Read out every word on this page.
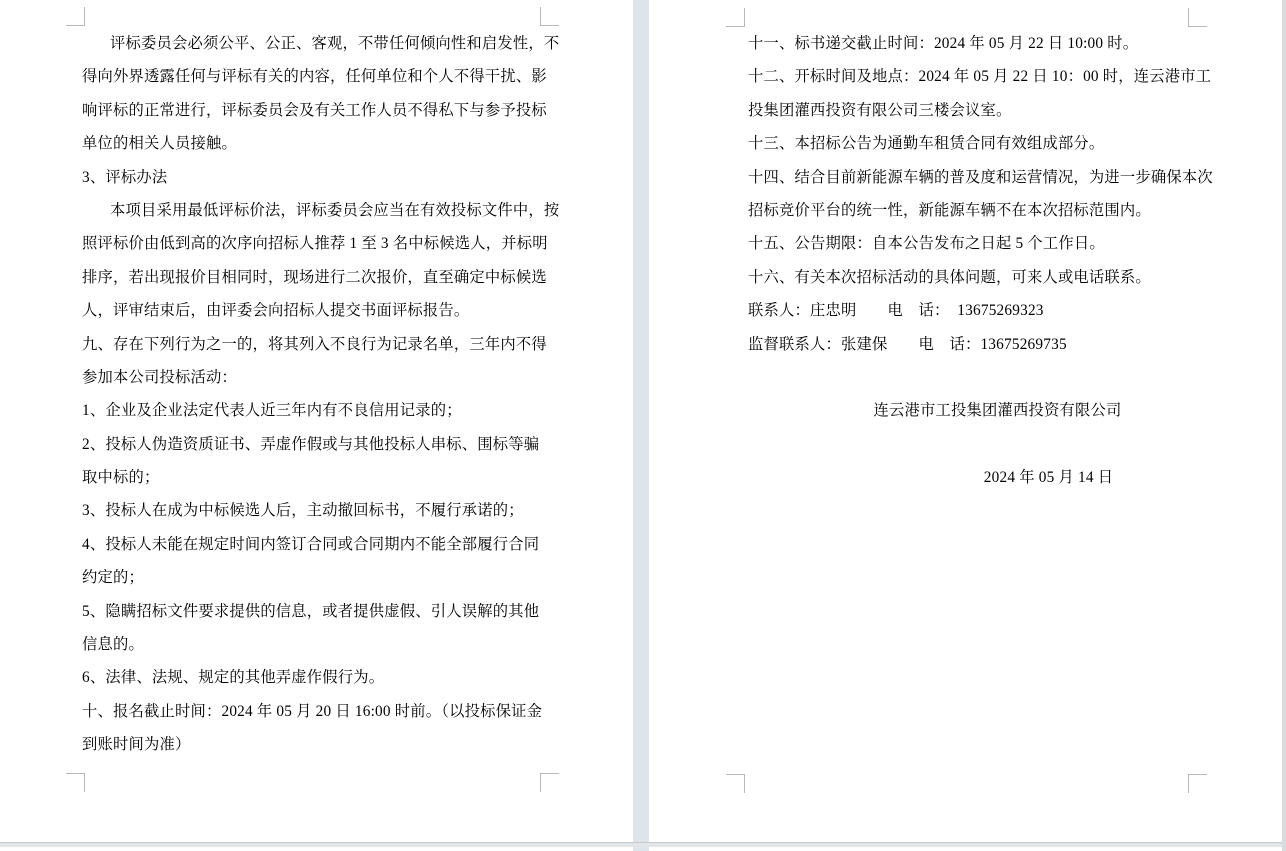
评标委员会必须公平、公正、客观，不带任何倾向性和启发性，不
得向外界透露任何与评标有关的内容，任何单位和个人不得干扰、影
响评标的正常进行，评标委员会及有关工作人员不得私下与参予投标
单位的相关人员接触。
3、评标办法
本项目采用最低评标价法，评标委员会应当在有效投标文件中，按
照评标价由低到高的次序向招标人推荐 1 至 3 名中标候选人，并标明
排序，若出现报价目相同时，现场进行二次报价，直至确定中标候选
人，评审结束后，由评委会向招标人提交书面评标报告。
九、存在下列行为之一的，将其列入不良行为记录名单，三年内不得
参加本公司投标活动：
1、企业及企业法定代表人近三年内有不良信用记录的；
2、投标人伪造资质证书、弄虚作假或与其他投标人串标、围标等骗
取中标的；
3、投标人在成为中标候选人后，主动撤回标书，不履行承诺的；
4、投标人未能在规定时间内签订合同或合同期内不能全部履行合同
约定的；
5、隐瞒招标文件要求提供的信息，或者提供虚假、引人误解的其他
信息的。
6、法律、法规、规定的其他弄虚作假行为。
十、报名截止时间：2024 年 05 月 20 日 16:00 时前。（以投标保证金
到账时间为准）
十一、标书递交截止时间：2024 年 05 月 22 日 10:00 时。
十二、开标时间及地点：2024 年 05 月 22 日 10：00 时，连云港市工
投集团灌西投资有限公司三楼会议室。
十三、本招标公告为通勤车租赁合同有效组成部分。
十四、结合目前新能源车辆的普及度和运营情况，为进一步确保本次
招标竞价平台的统一性，新能源车辆不在本次招标范围内。
十五、公告期限：自本公告发布之日起 5 个工作日。
十六、有关本次招标活动的具体问题，可来人或电话联系。
联系人：庄忠明　　电　话：　13675269323
监督联系人：张建保　　电　话：13675269735
连云港市工投集团灌西投资有限公司
2024 年 05 月 14 日
